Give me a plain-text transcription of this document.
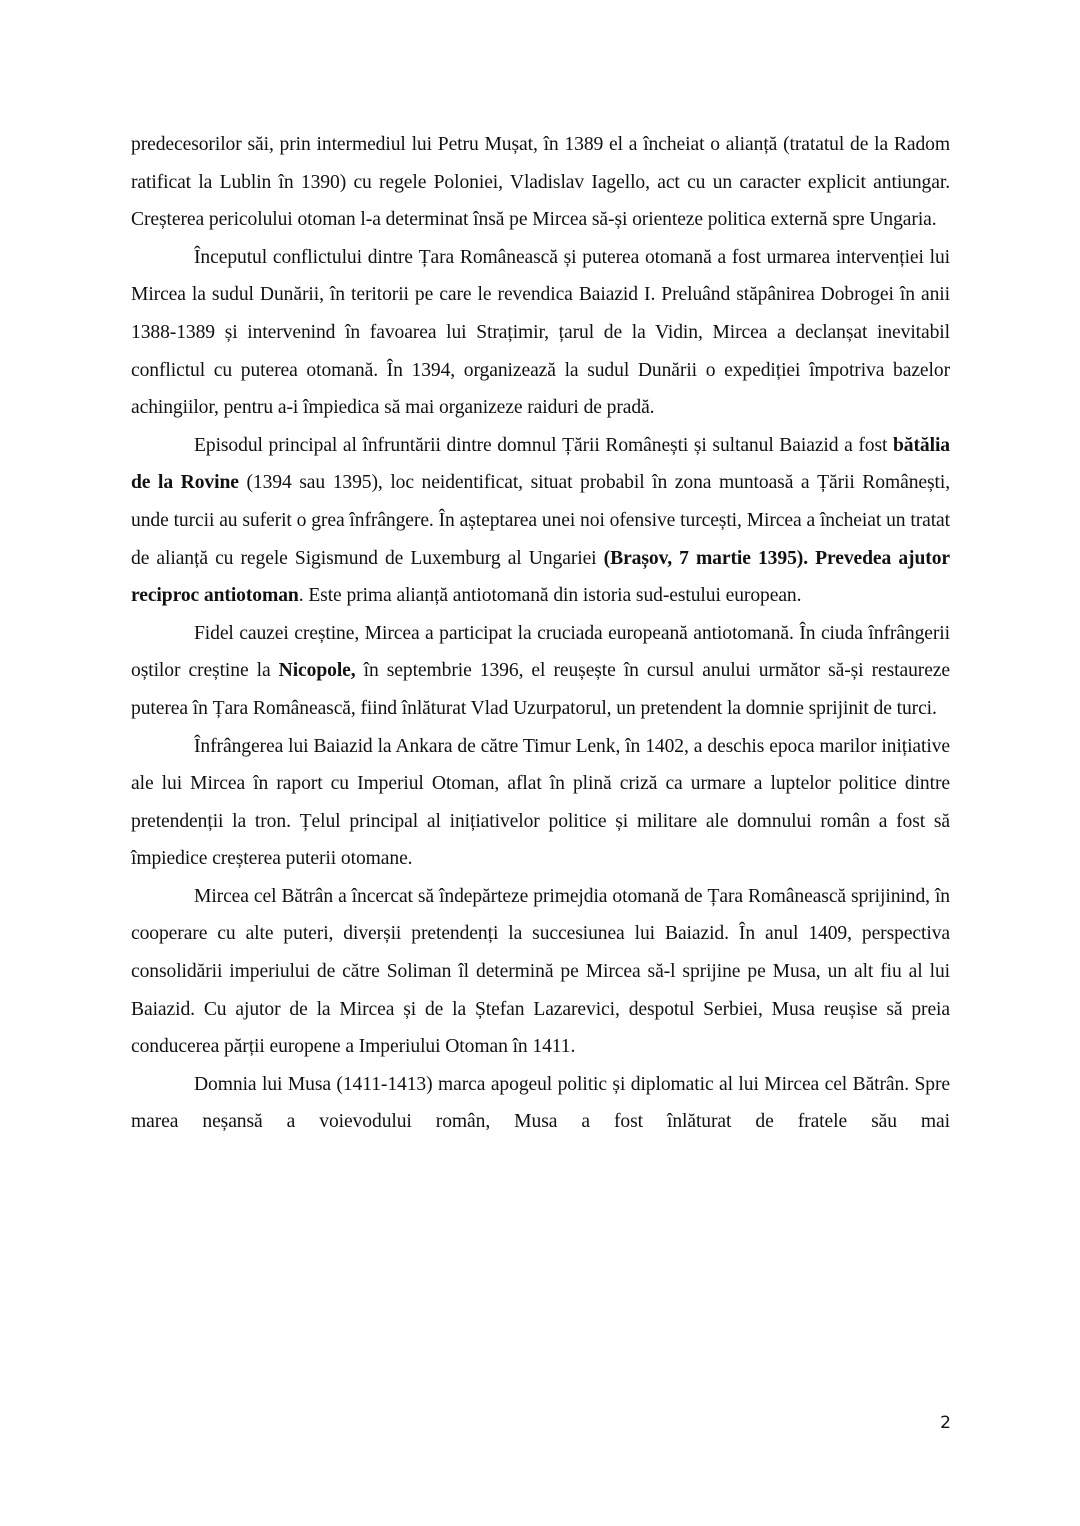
predecesorilor săi, prin intermediul lui Petru Mușat, în 1389 el a încheiat o alianță (tratatul de la Radom ratificat la Lublin în 1390) cu regele Poloniei, Vladislav Iagello, act cu un caracter explicit antiungar. Creșterea pericolului otoman l-a determinat însă pe Mircea să-și orienteze politica externă spre Ungaria.

Începutul conflictului dintre Țara Românească și puterea otomană a fost urmarea intervenției lui Mircea la sudul Dunării, în teritorii pe care le revendica Baiazid I. Preluând stăpânirea Dobrogei în anii 1388-1389 și intervenind în favoarea lui Strațimir, țarul de la Vidin, Mircea a declanșat inevitabil conflictul cu puterea otomană. În 1394, organizează la sudul Dunării o expediției împotriva bazelor achingiilor, pentru a-i împiedica să mai organizeze raiduri de pradă.

Episodul principal al înfruntării dintre domnul Țării Românești și sultanul Baiazid a fost bătălia de la Rovine (1394 sau 1395), loc neidentificat, situat probabil în zona muntoasă a Țării Românești, unde turcii au suferit o grea înfrângere. În așteptarea unei noi ofensive turcești, Mircea a încheiat un tratat de alianță cu regele Sigismund de Luxemburg al Ungariei (Brașov, 7 martie 1395). Prevedea ajutor reciproc antiotoman. Este prima alianță antiotomană din istoria sud-estului european.

Fidel cauzei creștine, Mircea a participat la cruciada europeană antiotomană. În ciuda înfrângerii oștilor creștine la Nicopole, în septembrie 1396, el reușește în cursul anului următor să-și restaureze puterea în Țara Românească, fiind înlăturat Vlad Uzurpatorul, un pretendent la domnie sprijinit de turci.

Înfrângerea lui Baiazid la Ankara de către Timur Lenk, în 1402, a deschis epoca marilor inițiative ale lui Mircea în raport cu Imperiul Otoman, aflat în plină criză ca urmare a luptelor politice dintre pretendenții la tron. Țelul principal al inițiativelor politice și militare ale domnului român a fost să împiedice creșterea puterii otomane.

Mircea cel Bătrân a încercat să îndepărteze primejdia otomană de Țara Românească sprijinind, în cooperare cu alte puteri, diverșii pretendenți la succesiunea lui Baiazid. În anul 1409, perspectiva consolidării imperiului de către Soliman îl determină pe Mircea să-l sprijine pe Musa, un alt fiu al lui Baiazid. Cu ajutor de la Mircea și de la Ștefan Lazarevici, despotul Serbiei, Musa reușise să preia conducerea părții europene a Imperiului Otoman în 1411.

Domnia lui Musa (1411-1413) marca apogeul politic și diplomatic al lui Mircea cel Bătrân. Spre marea neșansă a voievodului român, Musa a fost înlăturat de fratele său mai

2
